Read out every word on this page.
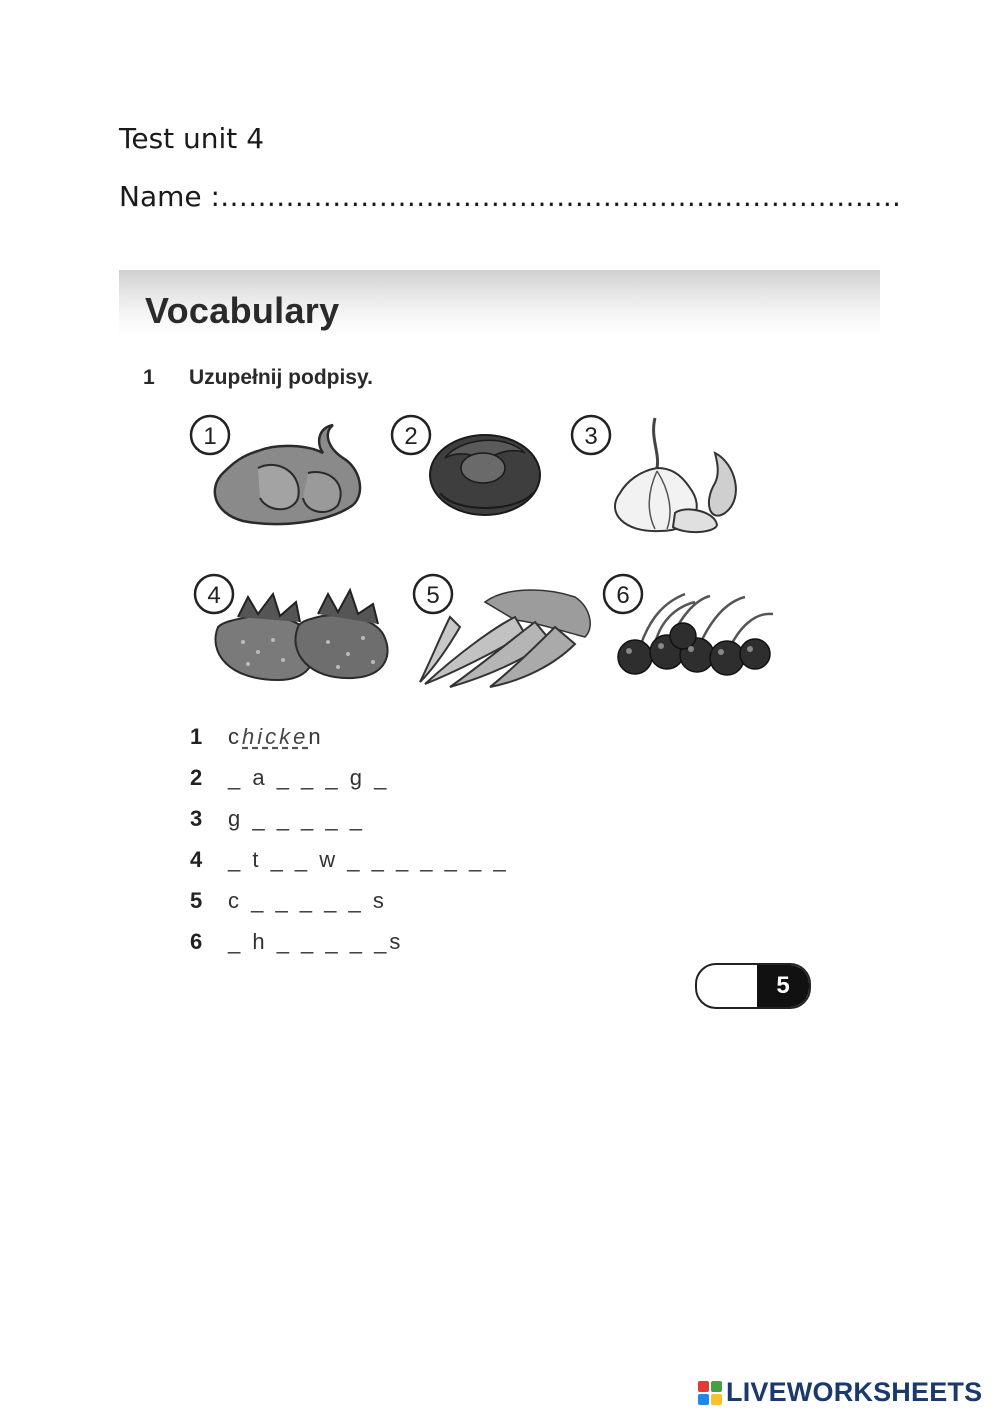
Test unit 4
Name :……………………………………………………………….
Vocabulary
1 Uzupełnij podpisy.
1	2	3
4	5	6
1	chicken
2	_ a _ _ _ g _
3	g _ _ _ _ _
4	_ t _ _ w _ _ _ _ _ _ _
5	c _ _ _ _ _ s
6	_ h _ _ _ _ _s
5
LIVEWORKSHEETS
